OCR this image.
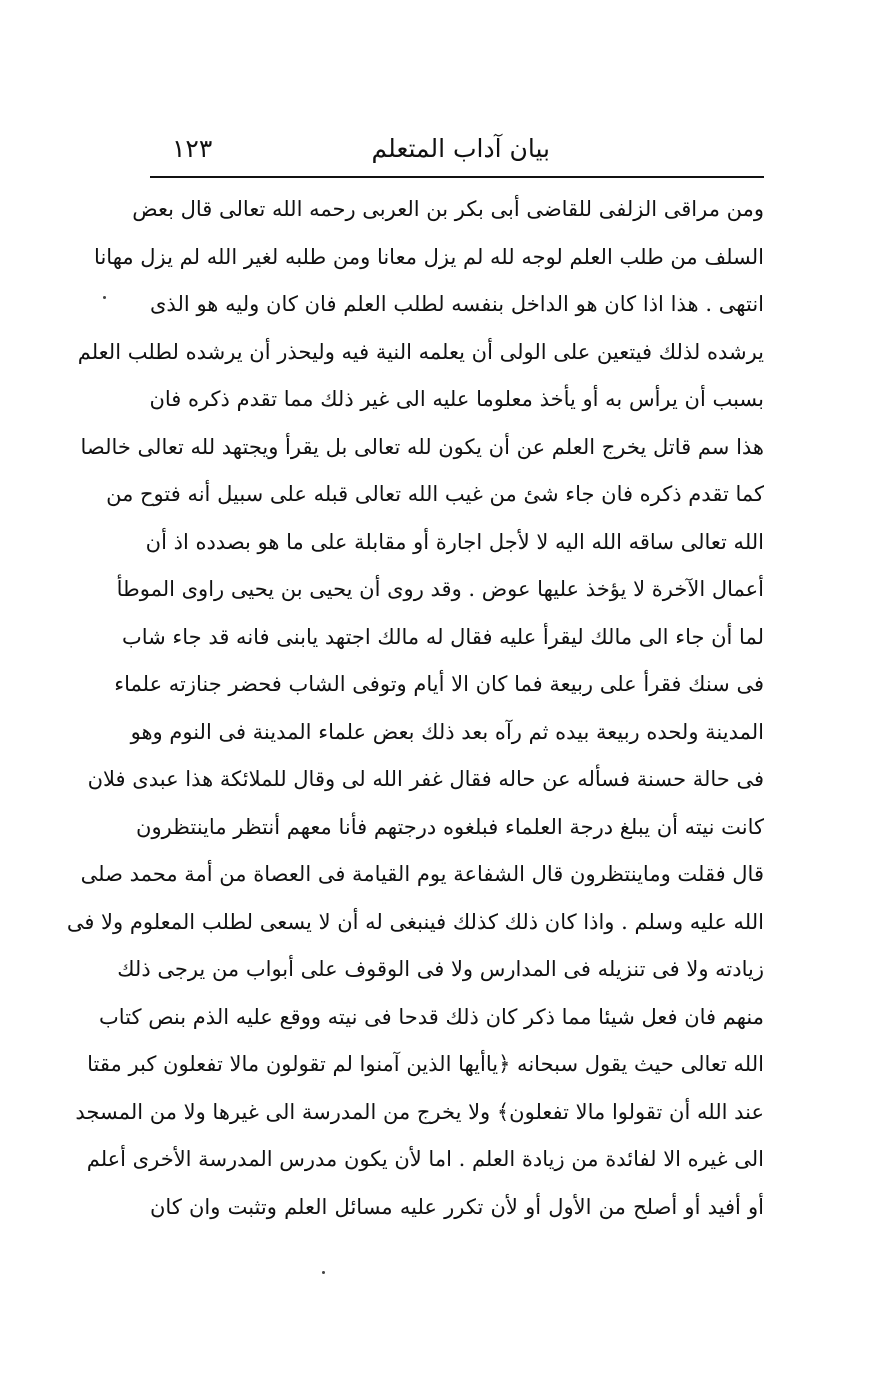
بيان آداب المتعلم
١٢٣
ومن مراقى الزلفى للقاضى أبى بكر بن العربى رحمه الله تعالى قال بعض
السلف من طلب العلم لوجه لله لم يزل معانا ومن طلبه لغير الله لم يزل مهانا
انتهى . هذا اذا كان هو الداخل بنفسه لطلب العلم فان كان وليه هو الذى
يرشده لذلك فيتعين على الولى أن يعلمه النية فيه وليحذر أن يرشده لطلب العلم
بسبب أن يرأس به أو يأخذ معلوما عليه الى غير ذلك مما تقدم ذكره فان
هذا سم قاتل يخرج العلم عن أن يكون لله تعالى بل يقرأ ويجتهد لله تعالى خالصا
كما تقدم ذكره فان جاء شئ من غيب الله تعالى قبله على سبيل أنه فتوح من
الله تعالى ساقه الله اليه لا لأجل اجارة أو مقابلة على ما هو بصدده اذ أن
أعمال الآخرة لا يؤخذ عليها عوض . وقد روى أن يحيى بن يحيى راوى الموطأ
لما أن جاء الى مالك ليقرأ عليه فقال له مالك اجتهد يابنى فانه قد جاء شاب
فى سنك فقرأ على ربيعة فما كان الا أيام وتوفى الشاب فحضر جنازته علماء
المدينة ولحده ربيعة بيده ثم رآه بعد ذلك بعض علماء المدينة فى النوم وهو
فى حالة حسنة فسأله عن حاله فقال غفر الله لى وقال للملائكة هذا عبدى فلان
كانت نيته أن يبلغ درجة العلماء فبلغوه درجتهم فأنا معهم أنتظر ماينتظرون
قال فقلت وماينتظرون قال الشفاعة يوم القيامة فى العصاة من أمة محمد صلى
الله عليه وسلم . واذا كان ذلك كذلك فينبغى له أن لا يسعى لطلب المعلوم ولا فى
زيادته ولا فى تنزيله فى المدارس ولا فى الوقوف على أبواب من يرجى ذلك
منهم فان فعل شيئا مما ذكر كان ذلك قدحا فى نيته ووقع عليه الذم بنص كتاب
الله تعالى حيث يقول سبحانه ﴿ياأيها الذين آمنوا لم تقولون مالا تفعلون كبر مقتا
عند الله أن تقولوا مالا تفعلون﴾ ولا يخرج من المدرسة الى غيرها ولا من المسجد
الى غيره الا لفائدة من زيادة العلم . اما لأن يكون مدرس المدرسة الأخرى أعلم
أو أفيد أو أصلح من الأول أو لأن تكرر عليه مسائل العلم وتثبت وان كان
